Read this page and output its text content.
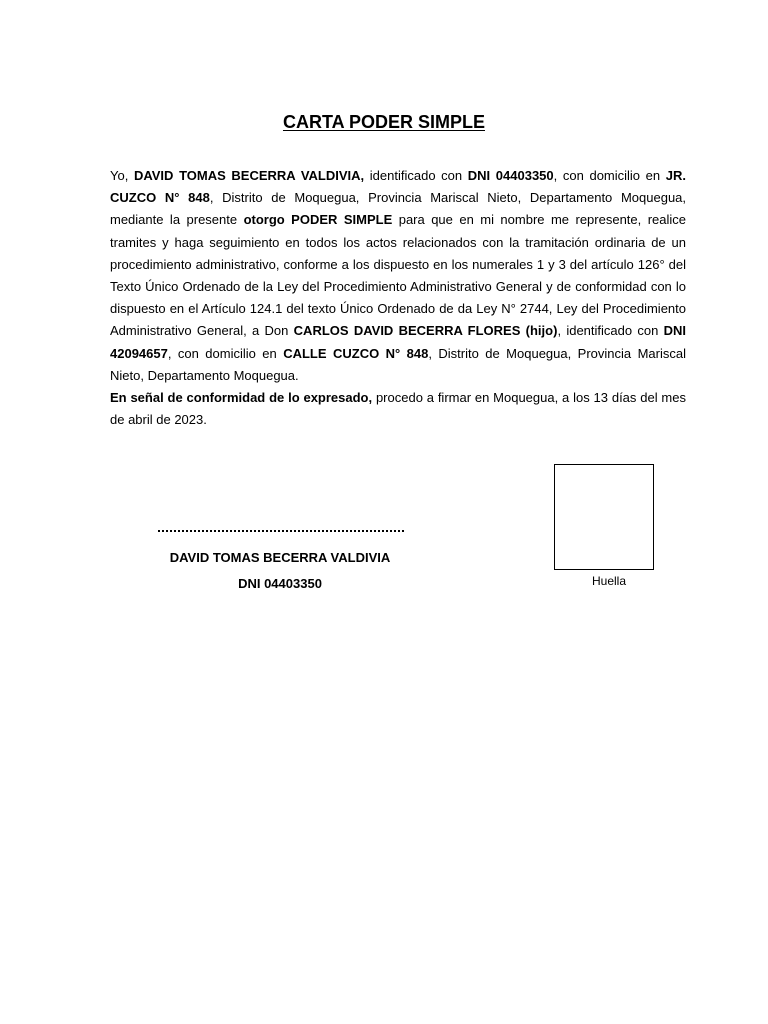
CARTA PODER SIMPLE

Yo, DAVID TOMAS BECERRA VALDIVIA, identificado con DNI 04403350, con domicilio en JR. CUZCO N° 848, Distrito de Moquegua, Provincia Mariscal Nieto, Departamento Moquegua, mediante la presente otorgo PODER SIMPLE para que en mi nombre me represente, realice tramites y haga seguimiento en todos los actos relacionados con la tramitación ordinaria de un procedimiento administrativo, conforme a los dispuesto en los numerales 1 y 3 del artículo 126° del Texto Único Ordenado de la Ley del Procedimiento Administrativo General y de conformidad con lo dispuesto en el Artículo 124.1 del texto Único Ordenado de da Ley N° 2744, Ley del Procedimiento Administrativo General, a Don CARLOS DAVID BECERRA FLORES (hijo), identificado con DNI 42094657, con domicilio en CALLE CUZCO N° 848, Distrito de Moquegua, Provincia Mariscal Nieto, Departamento Moquegua.

En señal de conformidad de lo expresado, procedo a firmar en Moquegua, a los 13 días del mes de abril de 2023.

DAVID TOMAS BECERRA VALDIVIA
DNI 04403350	Huella
